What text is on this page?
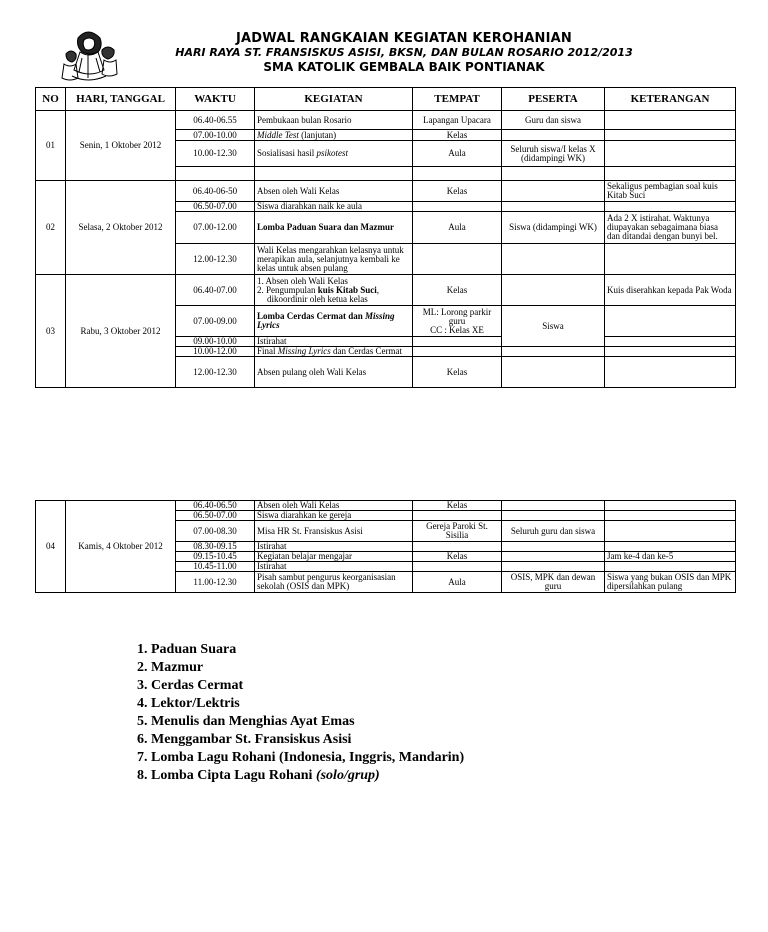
JADWAL RANGKAIAN KEGIATAN KEROHANIAN
HARI RAYA ST. FRANSISKUS ASISI, BKSN, DAN BULAN ROSARIO 2012/2013
SMA KATOLIK GEMBALA BAIK PONTIANAK
NO	HARI, TANGGAL	WAKTU	KEGIATAN	TEMPAT	PESERTA	KETERANGAN
01	Senin, 1 Oktober 2012	06.40-06.55	Pembukaan bulan Rosario	Lapangan Upacara	Guru dan siswa	
		07.00-10.00	Middle Test (lanjutan)	Kelas		
		10.00-12.30	Sosialisasi hasil psikotest	Aula	Seluruh siswa/I kelas X (didampingi WK)	

02	Selasa, 2 Oktober 2012	06.40-06-50	Absen oleh Wali Kelas	Kelas		Sekaligus pembagian soal kuis Kitab Suci
		06.50-07.00	Siswa diarahkan naik ke aula			
		07.00-12.00	Lomba Paduan Suara dan Mazmur	Aula	Siswa (didampingi WK)	Ada 2 X istirahat. Waktunya diupayakan sebagaimana biasa dan ditandai dengan bunyi bel.
		12.00-12.30	Wali Kelas mengarahkan kelasnya untuk merapikan aula, selanjutnya kembali ke kelas untuk absen pulang			
03	Rabu, 3 Oktober 2012	06.40-07.00	1. Absen oleh Wali Kelas
2. Pengumpulan kuis Kitab Suci,
dikoordinir oleh ketua kelas	Kelas		Kuis diserahkan kepada Pak Woda
		07.00-09.00	Lomba Cerdas Cermat dan Missing Lyrics	ML: Lorong parkir guru
CC : Kelas XE	Siswa	
		09.00-10.00	Istirahat			
		10.00-12.00	Final Missing Lyrics dan Cerdas Cermat			
		12.00-12.30	Absen pulang oleh Wali Kelas	Kelas		
04	Kamis, 4 Oktober 2012	06.40-06.50	Absen oleh Wali Kelas	Kelas		
		06.50-07.00	Siswa diarahkan ke gereja			
		07.00-08.30	Misa HR St. Fransiskus Asisi	Gereja Paroki St. Sisilia	Seluruh guru dan siswa	
		08.30-09.15	Istirahat			
		09.15-10.45	Kegiatan belajar mengajar	Kelas		Jam ke-4 dan ke-5
		10.45-11.00	Istirahat			
		11.00-12.30	Pisah sambut pengurus keorganisasian sekolah (OSIS dan MPK)	Aula	OSIS, MPK dan dewan guru	Siswa yang bukan OSIS dan MPK dipersilahkan pulang
1. Paduan Suara
2. Mazmur
3. Cerdas Cermat
4. Lektor/Lektris
5. Menulis dan Menghias Ayat Emas
6. Menggambar St. Fransiskus Asisi
7. Lomba Lagu Rohani (Indonesia, Inggris, Mandarin)
8. Lomba Cipta Lagu Rohani (solo/grup)
